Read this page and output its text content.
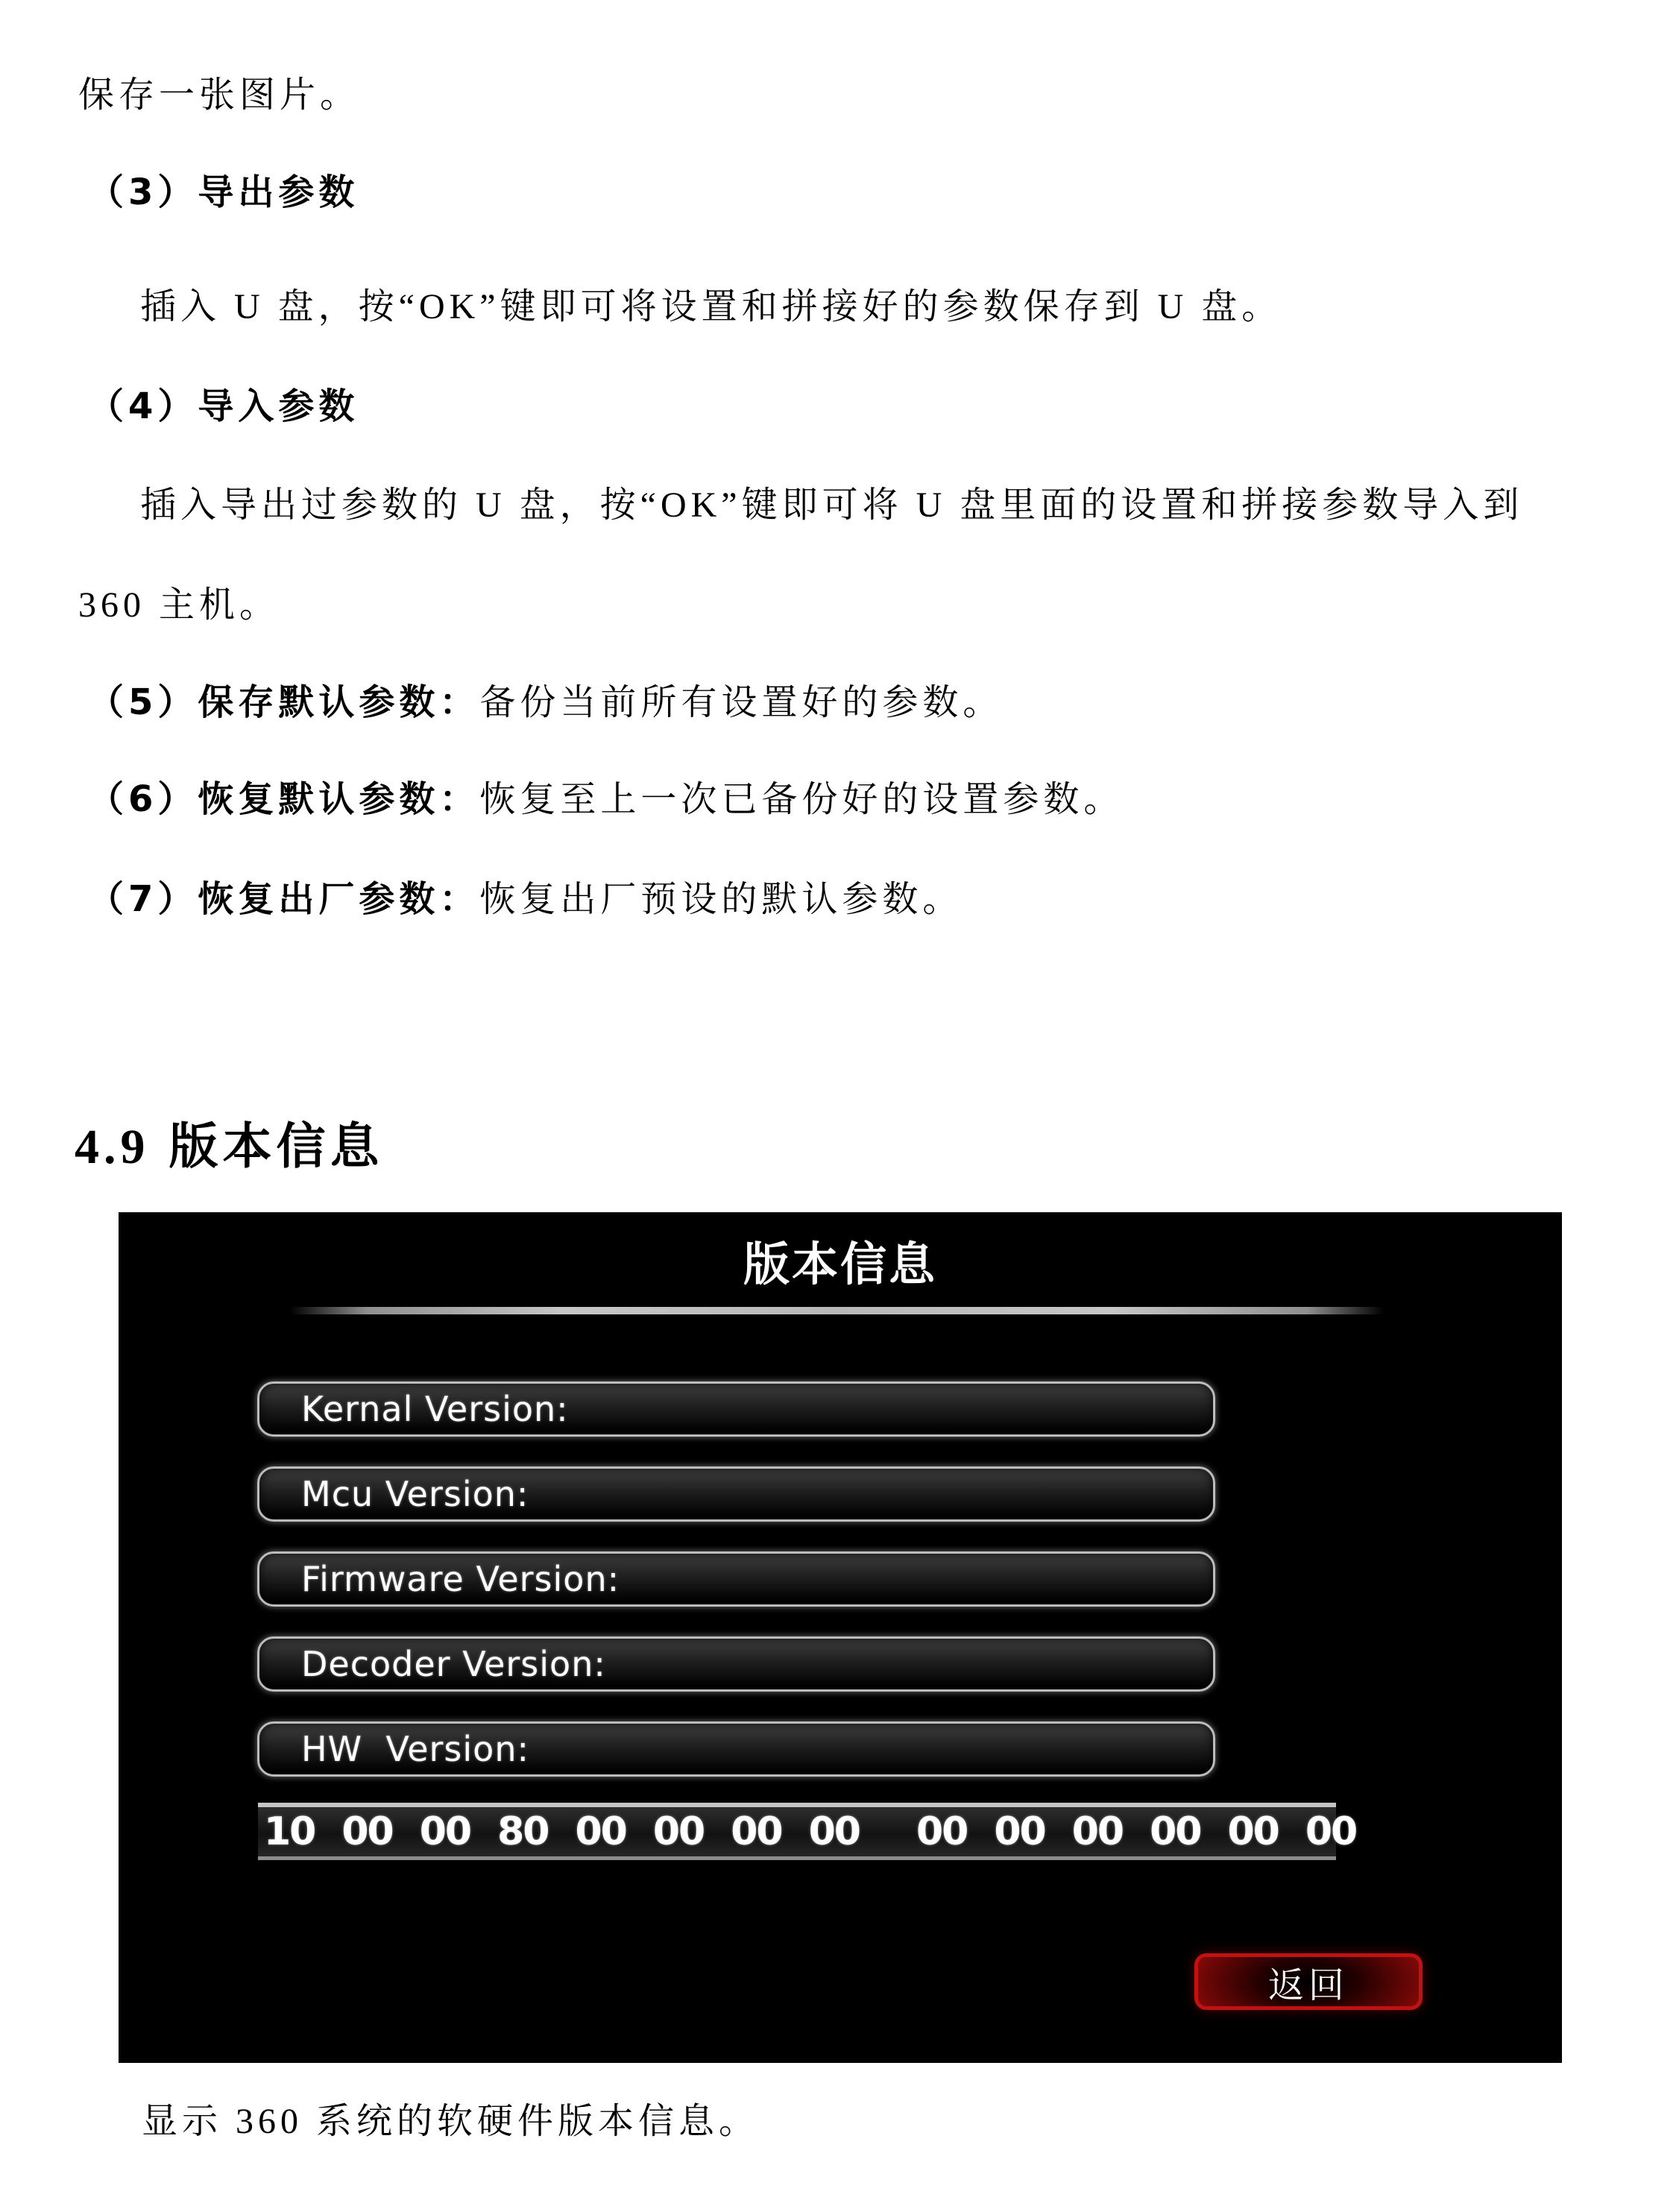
保存一张图片。

（3）导出参数

插入 U 盘，按“OK”键即可将设置和拼接好的参数保存到 U 盘。

（4）导入参数

插入导出过参数的 U 盘，按“OK”键即可将 U 盘里面的设置和拼接参数导入到

360 主机。

（5）保存默认参数：备份当前所有设置好的参数。

（6）恢复默认参数：恢复至上一次已备份好的设置参数。

（7）恢复出厂参数：恢复出厂预设的默认参数。

4.9 版本信息
版本信息
Kernal Version:
Mcu Version:
Firmware Version:
Decoder Version:
HW  Version:
10 00 00 80 00 00 00 00 00 00 00 00 00 00
返回

显示 360 系统的软硬件版本信息。
